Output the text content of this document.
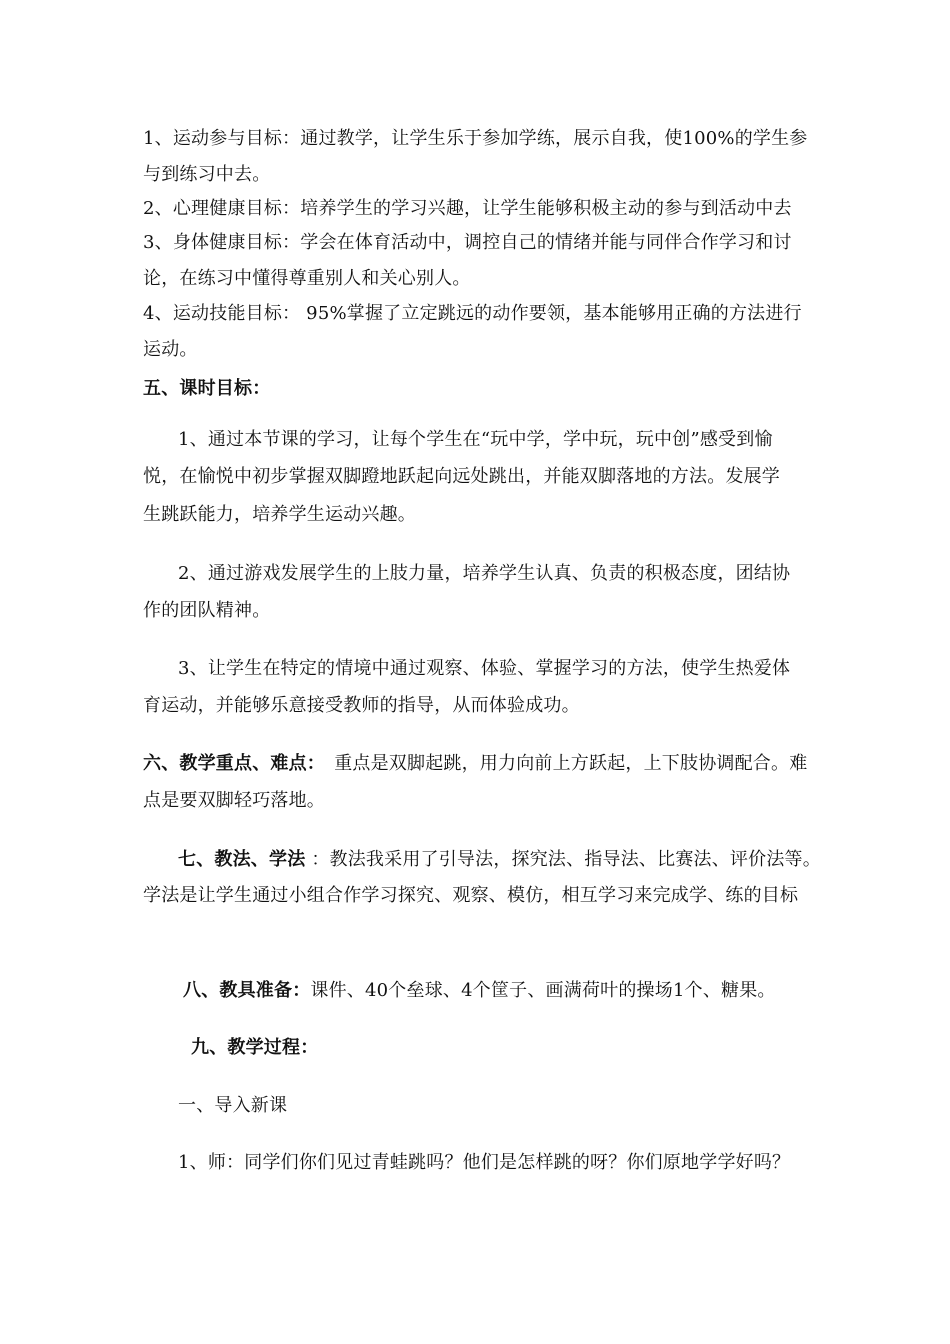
1、运动参与目标：通过教学，让学生乐于参加学练，展示自我，使100%的学生参
与到练习中去。
2、心理健康目标：培养学生的学习兴趣，让学生能够积极主动的参与到活动中去
3、身体健康目标：学会在体育活动中，调控自己的情绪并能与同伴合作学习和讨
论，在练习中懂得尊重别人和关心别人。
4、运动技能目标： 95%掌握了立定跳远的动作要领，基本能够用正确的方法进行
运动。
五、课时目标：
1、通过本节课的学习，让每个学生在“玩中学，学中玩，玩中创”感受到愉
悦，在愉悦中初步掌握双脚蹬地跃起向远处跳出，并能双脚落地的方法。发展学
生跳跃能力，培养学生运动兴趣。
2、通过游戏发展学生的上肢力量，培养学生认真、负责的积极态度，团结协
作的团队精神。
3、让学生在特定的情境中通过观察、体验、掌握学习的方法，使学生热爱体
育运动，并能够乐意接受教师的指导，从而体验成功。
六、教学重点、难点：　重点是双脚起跳，用力向前上方跃起，上下肢协调配合。难
点是要双脚轻巧落地。
七、教法、学法 ：教法我采用了引导法，探究法、指导法、比赛法、评价法等。
学法是让学生通过小组合作学习探究、观察、模仿，相互学习来完成学、练的目标
八、教具准备：课件、40个垒球、4个筐子、画满荷叶的操场1个、糖果。
九、教学过程：
一、导入新课
1、师：同学们你们见过青蛙跳吗？他们是怎样跳的呀？你们原地学学好吗？
